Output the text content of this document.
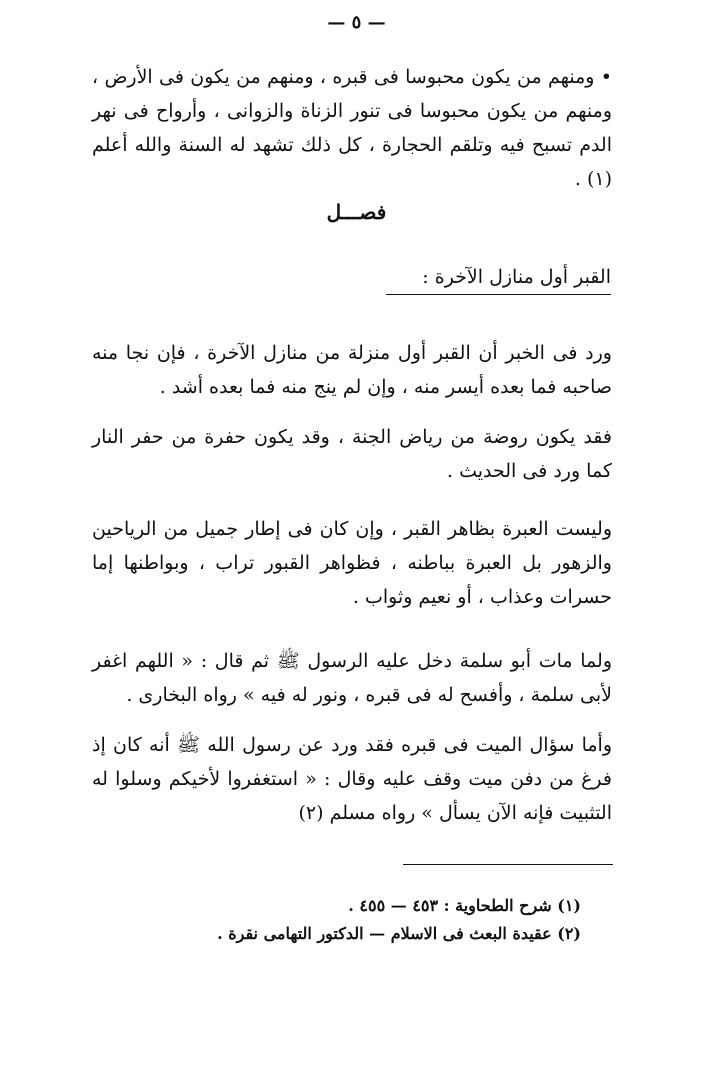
— ٥ —
• ومنهم من يكون محبوسا فى قبره ، ومنهم من يكون فى الأرض ، ومنهم من يكون محبوسا فى تنور الزناة والزوانى ، وأرواح فى نهر الدم تسبح فيه وتلقم الحجارة ، كل ذلك تشهد له السنة والله أعلم (١) .
فصـــل
القبر أول منازل الآخرة :
ورد فى الخبر أن القبر أول منزلة من منازل الآخرة ، فإن نجا منه صاحبه فما بعده أيسر منه ، وإن لم ينج منه فما بعده أشد .
فقد يكون روضة من رياض الجنة ، وقد يكون حفرة من حفر النار كما ورد فى الحديث .
وليست العبرة بظاهر القبر ، وإن كان فى إطار جميل من الرياحين والزهور بل العبرة بباطنه ، فظواهر القبور تراب ، وبواطنها إما حسرات وعذاب ، أو نعيم وثواب .
ولما مات أبو سلمة دخل عليه الرسول ﷺ ثم قال : « اللهم اغفر لأبى سلمة ، وأفسح له فى قبره ، ونور له فيه » رواه البخارى .
وأما سؤال الميت فى قبره فقد ورد عن رسول الله ﷺ أنه كان إذ فرغ من دفن ميت وقف عليه وقال : « استغفروا لأخيكم وسلوا له التثبيت فإنه الآن يسأل » رواه مسلم (٢)
(١) شرح الطحاوية : ٤٥٣ — ٤٥٥ .
(٢) عقيدة البعث فى الاسلام — الدكتور التهامى نقرة .
